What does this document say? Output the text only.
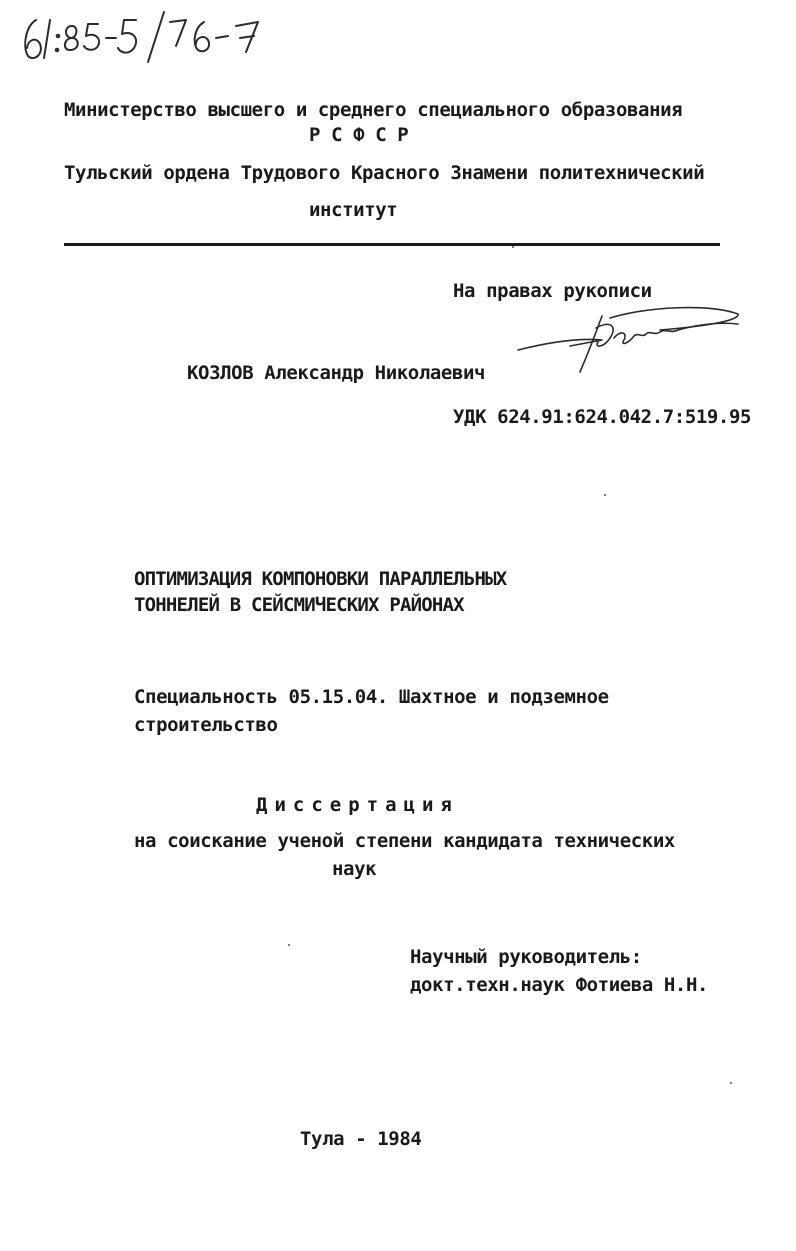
Министерство высшего и среднего специального образования
Р С Ф С Р
Тульский ордена Трудового Красного Знамени политехнический
институт
На правах рукописи
КОЗЛОВ Александр Николаевич
УДК 624.91:624.042.7:519.95
ОПТИМИЗАЦИЯ КОМПОНОВКИ ПАРАЛЛЕЛЬНЫХ
ТОННЕЛЕЙ В СЕЙСМИЧЕСКИХ РАЙОНАХ
Специальность 05.15.04. Шахтное и подземное
строительство
Диссертация
на соискание ученой степени кандидата технических
наук
Научный руководитель:
докт.техн.наук Фотиева Н.Н.
Тула - 1984
